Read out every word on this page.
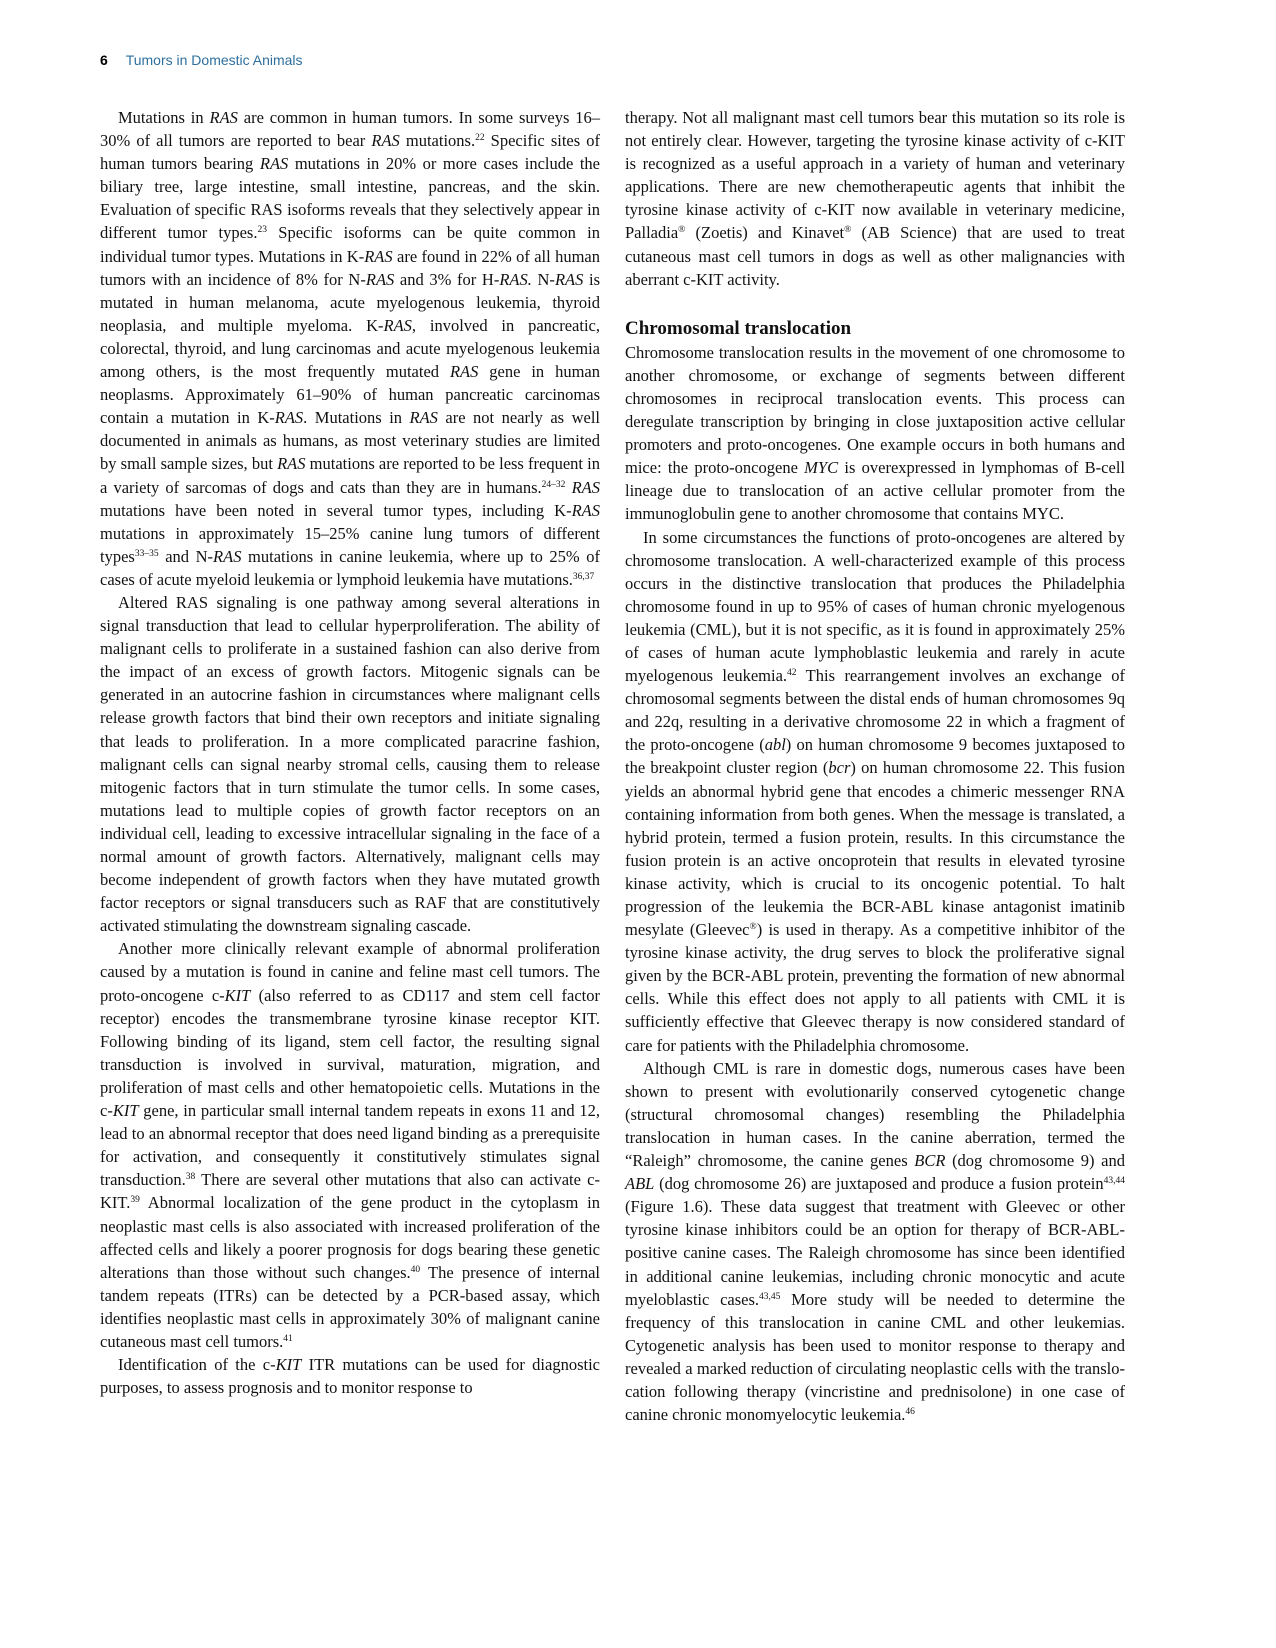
6 Tumors in Domestic Animals

Mutations in RAS are common in human tumors. In some surveys 16–30% of all tumors are reported to bear RAS mutations.$^{22}$ Specific sites of human tumors bearing RAS mutations in 20% or more cases include the biliary tree, large intestine, small intestine, pancreas, and the skin. Evaluation of specific RAS isoforms reveals that they selectively appear in different tumor types.$^{23}$ Specific isoforms can be quite common in individual tumor types. Mutations in K-RAS are found in 22% of all human tumors with an incidence of 8% for N-RAS and 3% for H-RAS. N-RAS is mutated in human melanoma, acute myelogenous leukemia, thyroid neoplasia, and multiple myeloma. K-RAS, involved in pancreatic, colorectal, thyroid, and lung carcinomas and acute myelogenous leukemia among others, is the most frequently mutated RAS gene in human neoplasms. Approximately 61–90% of human pancreatic carcinomas contain a mutation in K-RAS. Mutations in RAS are not nearly as well documented in animals as humans, as most veterinary studies are limited by small sample sizes, but RAS mutations are reported to be less frequent in a variety of sarcomas of dogs and cats than they are in humans.$^{24-32}$ RAS mutations have been noted in several tumor types, including K-RAS mutations in approximately 15–25% canine lung tumors of different types$^{33-35}$ and N-RAS mutations in canine leukemia, where up to 25% of cases of acute myeloid leukemia or lymphoid leukemia have mutations.$^{36,37}$

Altered RAS signaling is one pathway among several alterations in signal transduction that lead to cellular hyperproliferation. The ability of malignant cells to proliferate in a sustained fashion can also derive from the impact of an excess of growth factors. Mitogenic signals can be generated in an autocrine fashion in circumstances where malignant cells release growth factors that bind their own receptors and initiate signaling that leads to proliferation. In a more complicated paracrine fashion, malignant cells can signal nearby stromal cells, causing them to release mitogenic factors that in turn stimulate the tumor cells. In some cases, mutations lead to multiple copies of growth factor receptors on an individual cell, leading to excessive intracellular signaling in the face of a normal amount of growth factors. Alternatively, malignant cells may become independent of growth factors when they have mutated growth factor receptors or signal transducers such as RAF that are constitutively activated stimulating the downstream signaling cascade.

Another more clinically relevant example of abnormal proliferation caused by a mutation is found in canine and feline mast cell tumors. The proto-oncogene c-KIT (also referred to as CD117 and stem cell factor receptor) encodes the transmembrane tyrosine kinase receptor KIT. Following binding of its ligand, stem cell factor, the resulting signal transduction is involved in survival, maturation, migration, and proliferation of mast cells and other hematopoietic cells. Mutations in the c-KIT gene, in particular small internal tandem repeats in exons 11 and 12, lead to an abnormal receptor that does need ligand binding as a prerequisite for activation, and consequently it constitutively stimulates signal transduction.$^{38}$ There are several other mutations that also can activate c-KIT.$^{39}$ Abnormal localization of the gene product in the cytoplasm in neoplastic mast cells is also associated with increased proliferation of the affected cells and likely a poorer prognosis for dogs bearing these genetic alterations than those without such changes.$^{40}$ The presence of internal tandem repeats (ITRs) can be detected by a PCR-based assay, which identifies neoplastic mast cells in approximately 30% of malignant canine cutaneous mast cell tumors.$^{41}$

Identification of the c-KIT ITR mutations can be used for diagnostic purposes, to assess prognosis and to monitor response to

therapy. Not all malignant mast cell tumors bear this mutation so its role is not entirely clear. However, targeting the tyrosine kinase activity of c-KIT is recognized as a useful approach in a variety of human and veterinary applications. There are new chemotherapeutic agents that inhibit the tyrosine kinase activity of c-KIT now available in veterinary medicine, Palladia® (Zoetis) and Kinavet® (AB Science) that are used to treat cutaneous mast cell tumors in dogs as well as other malignancies with aberrant c-KIT activity.

Chromosomal translocation

Chromosome translocation results in the movement of one chromosome to another chromosome, or exchange of segments between different chromosomes in reciprocal translocation events. This process can deregulate transcription by bringing in close juxtaposition active cellular promoters and proto-oncogenes. One example occurs in both humans and mice: the proto-oncogene MYC is overexpressed in lymphomas of B-cell lineage due to translocation of an active cellular promoter from the immunoglobulin gene to another chromosome that contains MYC.

In some circumstances the functions of proto-oncogenes are altered by chromosome translocation. A well-characterized example of this process occurs in the distinctive translocation that produces the Philadelphia chromosome found in up to 95% of cases of human chronic myelogenous leukemia (CML), but it is not specific, as it is found in approximately 25% of cases of human acute lymphoblastic leukemia and rarely in acute myelogenous leukemia.$^{42}$ This rearrangement involves an exchange of chromosomal segments between the distal ends of human chromosomes 9q and 22q, resulting in a derivative chromosome 22 in which a fragment of the proto-oncogene (abl) on human chromosome 9 becomes juxtaposed to the breakpoint cluster region (bcr) on human chromosome 22. This fusion yields an abnormal hybrid gene that encodes a chimeric messenger RNA containing information from both genes. When the message is translated, a hybrid protein, termed a fusion protein, results. In this circumstance the fusion protein is an active oncoprotein that results in elevated tyrosine kinase activity, which is crucial to its oncogenic potential. To halt progression of the leukemia the BCR-ABL kinase antagonist imatinib mesylate (Gleevec®) is used in therapy. As a competitive inhibitor of the tyrosine kinase activity, the drug serves to block the proliferative signal given by the BCR-ABL protein, preventing the formation of new abnormal cells. While this effect does not apply to all patients with CML it is sufficiently effective that Gleevec therapy is now considered standard of care for patients with the Philadelphia chromosome.

Although CML is rare in domestic dogs, numerous cases have been shown to present with evolutionarily conserved cytogenetic change (structural chromosomal changes) resembling the Philadelphia translocation in human cases. In the canine aberration, termed the “Raleigh” chromosome, the canine genes BCR (dog chromosome 9) and ABL (dog chromosome 26) are juxtaposed and produce a fusion protein$^{43,44}$ (Figure 1.6). These data suggest that treatment with Gleevec or other tyrosine kinase inhibitors could be an option for therapy of BCR-ABL-positive canine cases. The Raleigh chromosome has since been identified in additional canine leukemias, including chronic monocytic and acute myeloblastic cases.$^{43,45}$ More study will be needed to determine the frequency of this translocation in canine CML and other leukemias. Cytogenetic analysis has been used to monitor response to therapy and revealed a marked reduction of circulating neoplastic cells with the translocation following therapy (vincristine and prednisolone) in one case of canine chronic monomyelocytic leukemia.$^{46}$
